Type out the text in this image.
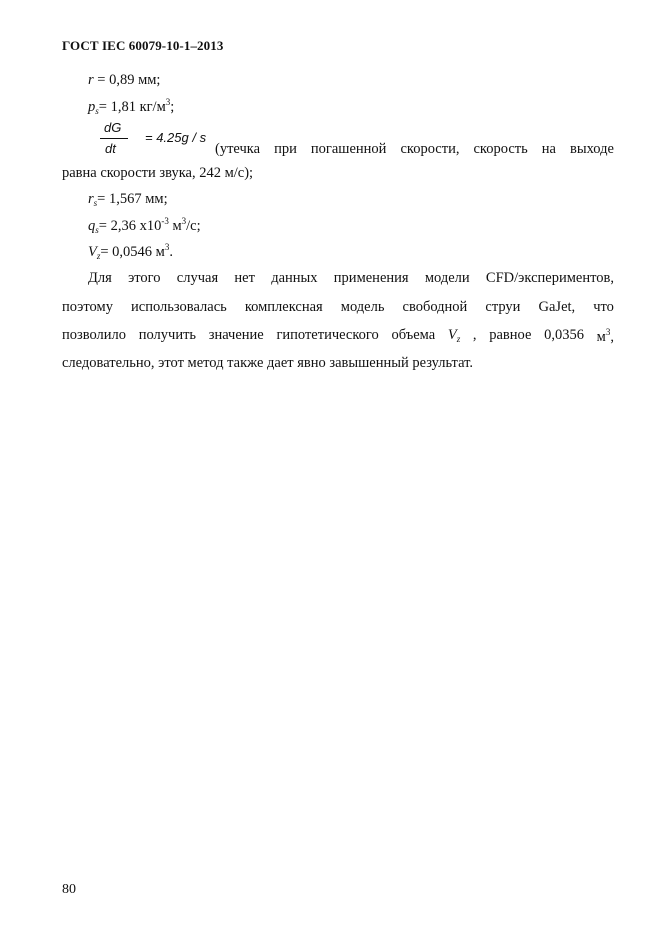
ГОСТ IEC 60079-10-1–2013
r = 0,89 мм;
$p_s= 1,81$ $кг/м^3$;
dG
dt
= 4.25g / s
(утечка при погашенной скорости, скорость на выходе
равна скорости звука, 242 м/с);
$r_s= 1,567$ мм;
$q_s= 2,36$ $х10^{-3}$ $м^3/с$;
$V_z= 0,0546$ $м^3$.
Для этого случая нет данных применения модели CFD/экспериментов,
поэтому использовалась комплексная модель свободной струи GaJet, что
позволило получить значение гипотетического объема $V_z$ , равное 0,0356 $м^3$,
следовательно, этот метод также дает явно завышенный результат.
80
